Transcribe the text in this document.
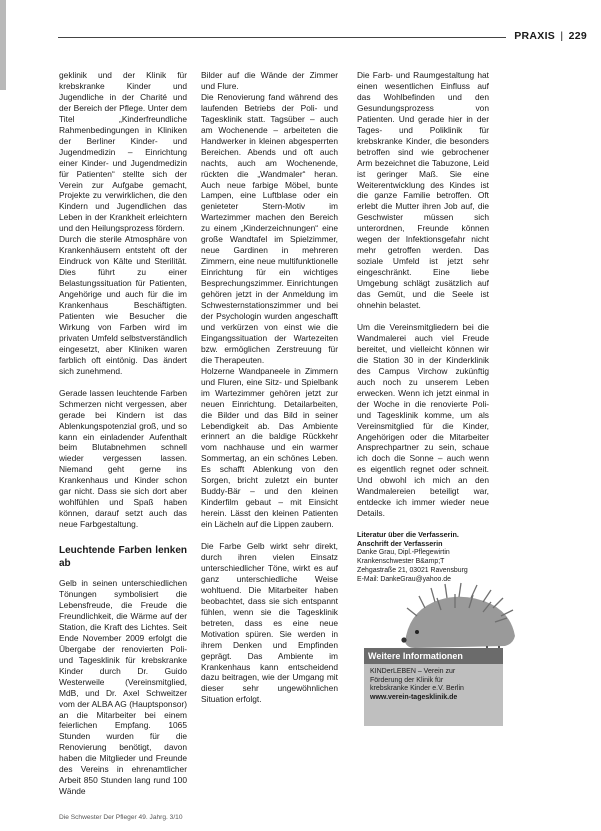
PRAXIS | 229

geklinik und der Klinik für krebskranke Kinder und Jugendliche in der Charité und der Bereich der Pflege. Unter dem Titel „Kinderfreundliche Rahmenbedingungen in Kliniken der Berliner Kinder- und Jugendmedizin – Einrichtung einer Kinder- und Jugendmedizin für Patienten“ stellte sich der Verein zur Aufgabe gemacht, Projekte zu verwirklichen, die den Kindern und Jugendlichen das Leben in der Krankheit erleichtern und den Heilungsprozess fördern.

Durch die sterile Atmosphäre von Krankenhäusern entsteht oft der Eindruck von Kälte und Sterilität. Dies führt zu einer Belastungssituation für Patienten, Angehörige und auch für die im Krankenhaus Beschäftigten. Patienten wie Besucher die Wirkung von Farben wird im privaten Umfeld selbstverständlich eingesetzt, aber Kliniken waren farblich oft eintönig. Das ändert sich zunehmend.

Gerade lassen leuchtende Farben Schmerzen nicht vergessen, aber gerade bei Kindern ist das Ablenkungspotenzial groß, und so kann ein einladender Aufenthalt beim Blutabnehmen schnell wieder vergessen lassen. Niemand geht gerne ins Krankenhaus und Kinder schon gar nicht. Dass sie sich dort aber wohlfühlen und Spaß haben können, darauf setzt auch das neue Farbgestaltung.

Leuchtende Farben lenken ab

Gelb in seinen unterschiedlichen Tönungen symbolisiert die Lebensfreude, die Freude die Freundlichkeit, die Wärme auf der Station, die Kraft des Lichtes. Seit Ende November 2009 erfolgt die Übergabe der renovierten Poli- und Tagesklinik für krebskranke Kinder durch Dr. Guido Westerweile (Vereinsmitglied, MdB, und Dr. Axel Schweitzer vom der ALBA AG (Hauptsponsor) an die Mitarbeiter bei einem feierlichen Empfang. 1065 Stunden wurden für die Renovierung benötigt, davon haben die Mitglieder und Freunde des Vereins in ehrenamtlicher Arbeit 850 Stunden lang rund 100 Wände

Bilder auf die Wände der Zimmer und Flure.

Die Renovierung fand während des laufenden Betriebs der Poli- und Tagesklinik statt. Tagsüber – auch am Wochenende – arbeiteten die Handwerker in kleinen abgesperrten Bereichen. Abends und oft auch nachts, auch am Wochenende, rückten die „Wandmaler“ heran. Auch neue farbige Möbel, bunte Lampen, eine Luftblase oder ein genieteter Stern-Motiv im Wartezimmer machen den Bereich zu einem „Kinderzeichnungen“ eine große Wandtafel im Spielzimmer, neue Gardinen in mehreren Zimmern, eine neue multifunktionelle Einrichtung für ein wichtiges Besprechungszimmer. Einrichtungen gehören jetzt in der Anmeldung im Schwesternstationszimmer und bei der Psychologin wurden angeschafft und verkürzen von einst wie die Eingangssituation der Wartezeiten bzw. ermöglichen Zerstreuung für die Therapeuten.

Holzerne Wandpaneele in Zimmern und Fluren, eine Sitz- und Spielbank im Wartezimmer gehören jetzt zur neuen Einrichtung. Detailarbeiten, die Bilder und das Bild in seiner Lebendigkeit ab. Das Ambiente erinnert an die baldige Rückkehr vom nachhause und ein warmer Sommertag, an ein schönes Leben. Es schafft Ablenkung von den Sorgen, bricht zuletzt ein bunter Buddy-Bär – und den kleinen Kinderfilm gebaut – mit Einsicht herein. Lässt den kleinen Patienten ein Lächeln auf die Lippen zaubern.

Die Farbe Gelb wirkt sehr direkt, durch ihren vielen Einsatz unterschiedlicher Töne, wirkt es auf ganz unterschiedliche Weise wohltuend. Die Mitarbeiter haben beobachtet, dass sie sich entspannt fühlen, wenn sie die Tagesklinik betreten, dass es eine neue Motivation spüren. Sie werden in ihrem Denken und Empfinden geprägt. Das Ambiente im Krankenhaus kann entscheidend dazu beitragen, wie der Umgang mit dieser sehr ungewöhnlichen Situation erfolgt.

Die Farb- und Raumgestaltung hat einen wesentlichen Einfluss auf das Wohlbefinden und den Gesundungsprozess von Patienten. Und gerade hier in der Tages- und Poliklinik für krebskranke Kinder, die besonders betroffen sind wie gebrochener Arm bezeichnet die Tabuzone, Leid ist geringer Maß. Sie eine Weiterentwicklung des Kindes ist die ganze Familie betroffen. Oft erlebt die Mutter ihren Job auf, die Geschwister müssen sich unterordnen, Freunde können wegen der Infektionsgefahr nicht mehr getroffen werden. Das soziale Umfeld ist jetzt sehr eingeschränkt. Eine liebe Umgebung schlägt zusätzlich auf das Gemüt, und die Seele ist ohnehin belastet.

Um die Vereinsmitgliedern bei die Wandmalerei auch viel Freude bereitet, und vielleicht können wir die Station 30 in der Kinderklinik des Campus Virchow zukünftig auch noch zu unserem Leben erwecken. Wenn ich jetzt einmal in der Woche in die renovierte Poli- und Tagesklinik komme, um als Vereinsmitglied für die Kinder, Angehörigen oder die Mitarbeiter Ansprechpartner zu sein, schaue ich doch die Sonne – auch wenn es eigentlich regnet oder schneit. Und obwohl ich mich an den Wandmalereien beteiligt war, entdecke ich immer wieder neue Details.

Literatur über die Verfasserin.

Anschrift der Verfasserin

Danke Grau, Dipl.-Pflegewirtin

Krankenschwester B&amp;T

Zehgastraße 21, 03021 Ravensburg

E-Mail: DankeGrau@yahoo.de

Weitere Informationen
KINDerLEBEN – Verein zur
Förderung der Klinik für
krebskranke Kinder e.V. Berlin
www.verein-tagesklinik.de
Die Schwester Der Pfleger 49. Jahrg. 3/10
